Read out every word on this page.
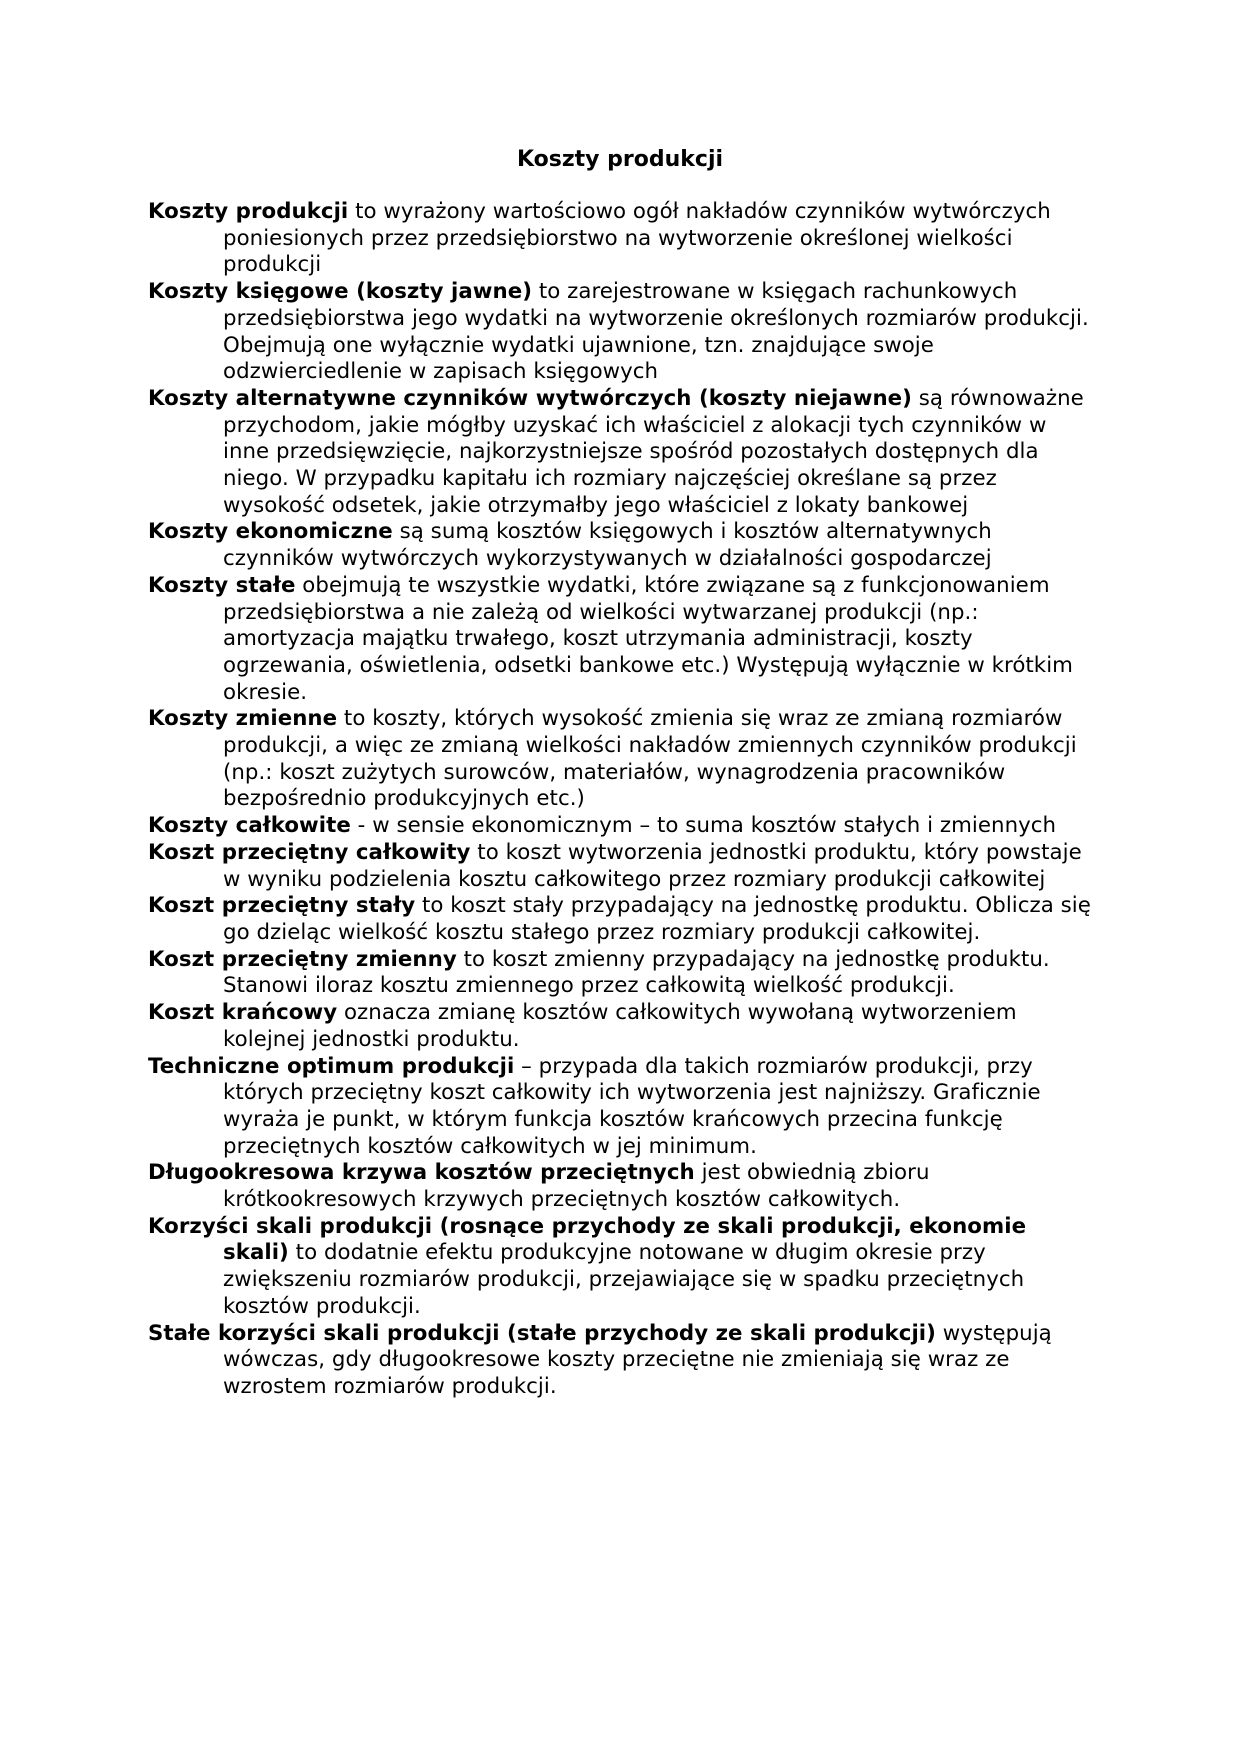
Koszty produkcji
Koszty produkcji to wyrażony wartościowo ogół nakładów czynników wytwórczych poniesionych przez przedsiębiorstwo na wytworzenie określonej wielkości produkcji
Koszty księgowe (koszty jawne) to zarejestrowane w księgach rachunkowych przedsiębiorstwa jego wydatki na wytworzenie określonych rozmiarów produkcji. Obejmują one wyłącznie wydatki ujawnione, tzn. znajdujące swoje odzwierciedlenie w zapisach księgowych
Koszty alternatywne czynników wytwórczych (koszty niejawne) są równoważne przychodom, jakie mógłby uzyskać ich właściciel z alokacji tych czynników w inne przedsięwzięcie, najkorzystniejsze spośród pozostałych dostępnych dla niego. W przypadku kapitału ich rozmiary najczęściej określane są przez wysokość odsetek, jakie otrzymałby jego właściciel z lokaty bankowej
Koszty ekonomiczne są sumą kosztów księgowych i kosztów alternatywnych czynników wytwórczych wykorzystywanych w działalności gospodarczej
Koszty stałe obejmują te wszystkie wydatki, które związane są z funkcjonowaniem przedsiębiorstwa a nie zależą od wielkości wytwarzanej produkcji (np.: amortyzacja majątku trwałego, koszt utrzymania administracji, koszty ogrzewania, oświetlenia, odsetki bankowe etc.) Występują wyłącznie w krótkim okresie.
Koszty zmienne to koszty, których wysokość zmienia się wraz ze zmianą rozmiarów produkcji, a więc ze zmianą wielkości nakładów zmiennych czynników produkcji (np.: koszt zużytych surowców, materiałów, wynagrodzenia pracowników bezpośrednio produkcyjnych etc.)
Koszty całkowite - w sensie ekonomicznym – to suma kosztów stałych i zmiennych
Koszt przeciętny całkowity to koszt wytworzenia jednostki produktu, który powstaje w wyniku podzielenia kosztu całkowitego przez rozmiary produkcji całkowitej
Koszt przeciętny stały to koszt stały przypadający na jednostkę produktu. Oblicza się go dzieląc wielkość kosztu stałego przez rozmiary produkcji całkowitej.
Koszt przeciętny zmienny to koszt zmienny przypadający na jednostkę produktu. Stanowi iloraz kosztu zmiennego przez całkowitą wielkość produkcji.
Koszt krańcowy oznacza zmianę kosztów całkowitych wywołaną wytworzeniem kolejnej jednostki produktu.
Techniczne optimum produkcji – przypada dla takich rozmiarów produkcji, przy których przeciętny koszt całkowity ich wytworzenia jest najniższy. Graficznie wyraża je punkt, w którym funkcja kosztów krańcowych przecina funkcję przeciętnych kosztów całkowitych w jej minimum.
Długookresowa krzywa kosztów przeciętnych jest obwiednią zbioru krótkookresowych krzywych przeciętnych kosztów całkowitych.
Korzyści skali produkcji (rosnące przychody ze skali produkcji, ekonomie skali) to dodatnie efektu produkcyjne notowane w długim okresie przy zwiększeniu rozmiarów produkcji, przejawiające się w spadku przeciętnych kosztów produkcji.
Stałe korzyści skali produkcji (stałe przychody ze skali produkcji) występują wówczas, gdy długookresowe koszty przeciętne nie zmieniają się wraz ze wzrostem rozmiarów produkcji.
